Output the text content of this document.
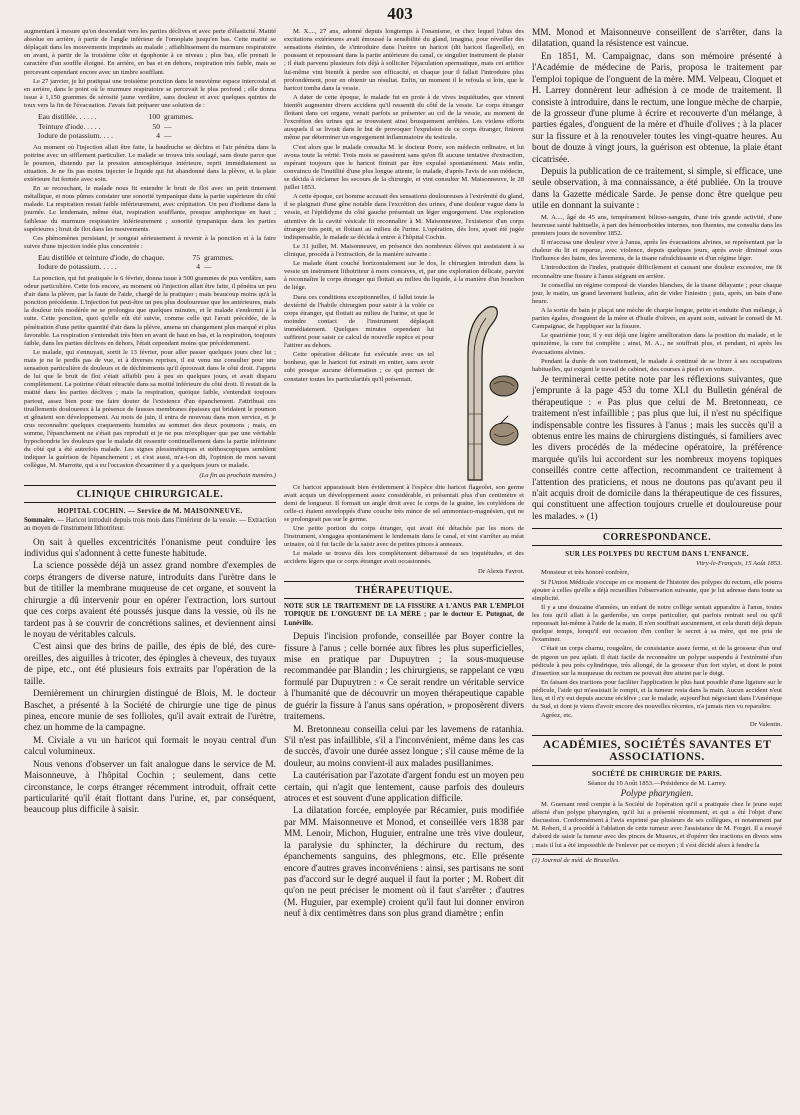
403

augmentant à mesure qu'on descendait vers les parties déclives et avec perte d'élasticité. Matité absolue en arrière, à partir de l'angle inférieur de l'omoplate jusqu'en bas. Cette matité se déplaçait dans les mouvements imprimés au malade ; affaiblissement du murmure respiratoire en avant, à partir de la troisième côte et égophonie à ce niveau ; plus bas, elle prenait le caractère d'un souffle éloigné. En arrière, en bas et en dehors, respiration très faible, mais se percevant cependant encore avec un timbre soufflant.

Le 27 janvier, je lui pratiquai une troisième ponction dans le neuvième espace intercostal et en arrière, dans le point où le murmure respiratoire se percevait le plus profond ; elle donna issue à 1,150 grammes de sérosité jaune verdâtre, sans douleur et avec quelques quintes de toux vers la fin de l'évacuation. J'avais fait préparer une solution de :

Eau distillée. . . . . .	100 grammes.
Teinture d'iode. . . . .	50 —
Iodure de potassium. . . .	4 —

Au moment où l'injection allait être faite, la baudruche se déchira et l'air pénétra dans la poitrine avec un sifflement particulier. Le malade se trouva très soulagé, sans doute parce que le poumon, distendu par la pression atmosphérique intérieure, reprit immédiatement sa situation. Je ne fis pas moins injecter le liquide qui fut abandonné dans la plèvre, et la plaie extérieure fut fermée avec soin.

En se recouchant, le malade nous fit entendre le bruit de flot avec un petit tintement métallique, et nous pûmes constater une sonorité tympanique dans la partie supérieure du côté malade. La respiration restait faible inférieurement, avec crépitation. Un peu d'iodisme dans la journée. Le lendemain, même état, respiration soufflante, presque amphorique en haut ; faiblesse du murmure respiratoire inférieurement ; sonorité tympanique dans les parties supérieures ; bruit de flot dans les mouvements.

Ces phénomènes persistant, je songeai sérieusement à revenir à la ponction et à la faire suivre d'une injection iodée plus concentrée :

Eau distillée et teinture d'iode, de chaque.	75 grammes.
Iodure de potassium. . . . .	4 —

La ponction, qui fut pratiquée le 6 février, donna issue à 500 grammes de pus verdâtre, sans odeur particulière. Cette fois encore, au moment où l'injection allait être faite, il pénétra un peu d'air dans la plèvre, par la faute de l'aide, chargé de la pratiquer ; mais beaucoup moins qu'à la ponction précédente. L'injection fut peut-être un peu plus douloureuse que les antérieures, mais la douleur très modérée ne se prolongea que quelques minutes, et le malade s'endormit à la suite. Cette ponction, quoi qu'elle eût été suivie, comme celle qui l'avait précédée, de la pénétration d'une petite quantité d'air dans la plèvre, amena un changement plus marqué et plus favorable. La respiration s'entendait très bien en avant de haut en bas, et la respiration, toujours faible, dans les parties déclives en dehors, l'était cependant moins que précédemment.

Le malade, qui s'ennuyait, sortit le 13 février, pour aller passer quelques jours chez lui ; mais je ne le perdis pas de vue, et à diverses reprises, il est venu me consulter pour une sensation particulière de douleurs et de déchirements qu'il éprouvait dans le côté droit. J'appris de lui que le bruit de flot s'était affaibli peu à peu en quelques jours, et avait disparu complètement. La poitrine s'était rétractée dans sa moitié inférieure du côté droit. Il restait de la matité dans les parties déclives ; mais la respiration, quoique faible, s'entendait toujours partout, assez bien pour me faire douter de l'existence d'un épanchement. J'attribuai ces tiraillements douloureux à la présence de fausses membranes épaisses qui bridaient le poumon et gênaient son développement. Au mois de juin, il entra de nouveau dans mon service, et je crus reconnaître quelques craquements humides au sommet des deux poumons ; mais, en somme, l'épanchement ne s'était pas reproduit et je ne pus m'expliquer que par une véritable hypochondrie les douleurs que le malade dit ressentir continuellement dans la partie inférieure du côté qui a été autrefois malade. Les signes plessimétriques et stéthoscopiques semblent indiquer la guérison de l'épanchement ; et c'est aussi, m'a-t-on dit, l'opinion de mon savant collègue, M. Marrotte, qui a eu l'occasion d'examiner il y a quelques jours ce malade.

(La fin au prochain numéro.)

CLINIQUE CHIRURGICALE.
HOPITAL COCHIN. — Service de M. MAISONNEUVE.
Sommaire. — Haricot introduit depuis trois mois dans l'intérieur de la vessie. — Extraction au moyen de l'instrument lithotriteur.

On sait à quelles excentricités l'onanisme peut conduire les individus qui s'adonnent à cette funeste habitude.

La science possède déjà un assez grand nombre d'exemples de corps étrangers de diverse nature, introduits dans l'urètre dans le but de titiller la membrane muqueuse de cet organe, et souvent la chirurgie a dû intervenir pour en opérer l'extraction, lors surtout que ces corps avaient été poussés jusque dans la vessie, où ils ne tardent pas à se couvrir de concrétions salines, et deviennent ainsi le noyau de véritables calculs.

C'est ainsi que des brins de paille, des épis de blé, des cure-oreilles, des aiguilles à tricoter, des épingles à cheveux, des tuyaux de pipe, etc., ont été plusieurs fois extraits par l'opération de la taille.

Dernièrement un chirurgien distingué de Blois, M. le docteur Baschet, a présenté à la Société de chirurgie une tige de pinus pinea, encore munie de ses follioles, qu'il avait extrait de l'urètre, chez un homme de la campagne.

M. Civiale a vu un haricot qui formait le noyau central d'un calcul volumineux.

Nous venons d'observer un fait analogue dans le service de M. Maisonneuve, à l'hôpital Cochin ; seulement, dans cette circonstance, le corps étranger récemment introduit, offrait cette particularité qu'il était flottant dans l'urine, et, par conséquent, beaucoup plus difficile à saisir.

M. X...., 27 ans, adonné depuis longtemps à l'onanisme, et chez lequel l'abus des excitations extérieures avait émoussé la sensibilité du gland, imagina, pour réveiller des sensations éteintes, de s'introduire dans l'urètre un haricot (dit haricot flageollet), en poussant et repoussant dans la partie antérieure du canal, ce singulier instrument de plaisir ; il était parvenu plusieurs fois déjà à solliciter l'éjaculation spermatique, mais cet artifice lui-même vint bientôt à perdre son efficacité, et chaque jour il fallait l'introduire plus profondément, pour en obtenir un résultat. Enfin, un moment il le refoula si loin, que le haricot tomba dans la vessie.

A dater de cette époque, le malade fut en proie à de vives inquiétudes, que vinrent bientôt augmenter divers accidens qu'il ressentit du côté de la vessie. Le corps étranger flottant dans cet organe, venait parfois se présenter au col de la vessie, au moment de l'excrétion des urines qui se trouvaient ainsi brusquement arrêtées. Les violens efforts auxquels il se livrait dans le but de provoquer l'expulsion de ce corps étranger, finirent même par déterminer un engorgement inflammatoire du testicule.

C'est alors que le malade consulta M. le docteur Porre, son médecin ordinaire, et lui avoua toute la vérité. Trois mois se passèrent sans qu'on fît aucune tentative d'extraction, espérant toujours que le haricot finirait par être expulsé spontanément. Mais enfin, convaincu de l'inutilité d'une plus longue attente, le malade, d'après l'avis de son médecin, se décida à réclamer les secours de la chirurgie, et vint consulter M. Maisonneuve, le 28 juillet 1853.

A cette époque, cet homme accusait des sensations douloureuses à l'extrémité du gland, il se plaignait d'une gêne notable dans l'excrétion des urines, d'une douleur vague dans la vessie, et l'épididyme du côté gauche présentait un léger engorgement. Une exploration attentive de la cavité vésicale fit reconnaître à M. Maisonneuve, l'existence d'un corps étranger très petit, et flottant au milieu de l'urine. L'opération, dès lors, ayant été jugée indispensable, le malade se décida à entrer à l'hôpital Cochin.

Le 31 juillet, M. Maisonneuve, en présence des nombreux élèves qui assistaient à sa clinique, procéda à l'extraction, de la manière suivante :

Le malade étant couché horizontalement sur le dos, le chirurgien introduit dans la vessie un instrument lithotriteur à mors concaves, et, par une exploration délicate, parvint à reconnaître le corps étranger qui flottait au milieu du liquide, à la manière d'un bouchon de liége.

Dans ces conditions exceptionnelles, il fallut toute la dextérité de l'habile chirurgien pour saisir à la volée ce corps étranger, qui flottait au milieu de l'urine, et que le moindre contact de l'instrument déplaçait immédiatement. Quelques minutes cependant lui suffirent pour saisir ce calcul de nouvelle espèce et pour l'attirer au dehors.

Cette opération délicate fut exécutée avec un tel bonheur, que le haricot fut extrait en entier, sans avoir subi presque aucune déformation ; ce qui permet de constater toutes les particularités qu'il présentait.

Ce haricot apparaissait bien évidemment à l'espèce dite haricot flageolet, son germe avait acquis un développement assez considérable, et présentait plus d'un centimètre et demi de longueur. Il formait un angle droit avec le corps de la graine, les cotylédons de celle-ci étaient enveloppés d'une couche très mince de sel ammoniaco-magnésien, qui ne se prolongeait pas sur le germe.

Une petite portion du corps étranger, qui avait été détachée par les mors de l'instrument, s'engagea spontanément le lendemain dans le canal, et vint s'arrêter au méat urinaire, où il fut facile de la saisir avec de petites pinces à anneaux.

Le malade se trouva dès lors complètement débarrassé de ses inquiétudes, et des accidens légers que ce corps étranger avait occasionnés.

Dr Alexis Favrot.

THÉRAPEUTIQUE.
NOTE SUR LE TRAITEMENT DE LA FISSURE A L'ANUS PAR L'EMPLOI TOPIQUE DE L'ONGUENT DE LA MÈRE ; par le docteur E. Putegnat, de Lunéville.

Depuis l'incision profonde, conseillée par Boyer contre la fissure à l'anus ; celle bornée aux fibres les plus superficielles, mise en pratique par Dupuytren ; la sous-muqueuse recommandée par Blandin ; les chirurgiens, se rappelant ce vœu formulé par Dupuytren : « Ce serait rendre un véritable service à l'humanité que de découvrir un moyen thérapeutique capable de guérir la fissure à l'anus sans opération, » proposèrent divers traitemens.

M. Bretonneau conseilla celui par les lavemens de ratanhia. S'il n'est pas infaillible, s'il a l'inconvénient, même dans les cas de succès, d'avoir une durée assez longue ; s'il cause même de la douleur, au moins convient-il aux malades pusillanimes.

La cautérisation par l'azotate d'argent fondu est un moyen peu certain, qui n'agit que lentement, cause parfois des douleurs atroces et est souvent d'une application difficile.

La dilatation forcée, employée par Récamier, puis modifiée par MM. Maisonneuve et Monod, et conseillée vers 1838 par MM. Lenoir, Michon, Huguier, entraîne une très vive douleur, la paralysie du sphincter, la déchirure du rectum, des épanchements sanguins, des phlegmons, etc. Elle présente encore d'autres graves inconvéniens : ainsi, ses partisans ne sont pas d'accord sur le degré auquel il faut la porter ; M. Robert dit qu'on ne peut préciser le moment où il faut s'arrêter ; d'autres (M. Huguier, par exemple) croient qu'il faut lui donner environ neuf à dix centimètres dans son plus grand diamètre ; enfin

MM. Monod et Maisonneuve conseillent de s'arrêter, dans la dilatation, quand la résistence est vaincue.

En 1851, M. Campaignac, dans son mémoire présenté à l'Académie de médecine de Paris, proposa le traitement par l'emploi topique de l'onguent de la mère. MM. Velpeau, Cloquet et H. Larrey donnèrent leur adhésion à ce mode de traitement. Il consiste à introduire, dans le rectum, une longue mèche de charpie, de la grosseur d'une plume à écrire et recouverte d'un mélange, à parties égales, d'onguent de la mère et d'huile d'olives ; à la placer sur la fissure et à la renouveler toutes les vingt-quatre heures. Au bout de douze à vingt jours, la guérison est obtenue, la plaie étant cicatrisée.

Depuis la publication de ce traitement, si simple, si efficace, une seule observation, à ma connaissance, a été publiée. On la trouve dans la Gazette médicale Sarde. Je pense donc être quelque peu utile en donnant la suivante :

M. A...., âgé de 45 ans, tempérament bilioso-sanguin, d'une très grande activité, d'une heureuse santé habituelle, à part des hémorrhoïdes internes, non fluentes, me consulta dans les premiers jours de novembre 1852.

Il m'accusa une douleur vive à l'anus, après les évacuations alvines, se représentant par la chaleur du lit et reparue, avec violence, depuis quelques jours, après avoir diminué sous l'influence des bains, des lavemens, de la tisane rafraîchissante et d'un régime léger.

L'introduction de l'index, pratiquée difficilement et causant une douleur excessive, me fit reconnaître une fissure à l'anus siégeant en arrière.

Je conseillai un régime composé de viandes blanches, de la tisane délayante ; pour chaque jour, le matin, un grand lavement huileux, afin de vider l'intestin ; puis, après, un bain d'une heure.

A la sortie du bain je plaçai une mèche de charpie longue, petite et enduite d'un mélange, à parties égales, d'onguent de la mère et d'huile d'olives, en ayant soin, suivant le conseil de M. Campaignac, de l'appliquer sur la fissure.

Le quatrième jour, il y eut déjà une légère amélioration dans la position du malade, et le quinzième, la cure fut complète ; ainsi, M. A.., ne souffrait plus, et pendant, ni après les évacuations alvines.

Pendant la durée de son traitement, le malade à continué de se livrer à ses occupations habituelles, qui exigent le travail de cabinet, des courses à pied et en voiture.

Je terminerai cette petite note par les réflexions suivantes, que j'emprunte à la page 453 du tome XLI du Bulletin général de thérapeutique : « Pas plus que celui de M. Bretonneau, ce traitement n'est infaillible ; pas plus que lui, il n'est nu spécifique indispensable contre les fissures à l'anus ; mais les succès qu'il a obtenus entre les mains de chirurgiens distingués, si familiers avec les divers procédés de la médecine opératoire, la préférence marquée qu'ils lui accordent sur les nombreux moyens topiques conseillés contre cette affection, recommandent ce traitement à l'attention des praticiens, et nous ne doutons pas qu'avant peu il n'ait acquis droit de domicile dans la thérapeutique de ces fissures, qui constituent une affection toujours cruelle et douloureuse pour les malades. » (1)

CORRESPONDANCE.
SUR LES POLYPES DU RECTUM DANS L'ENFANCE.

Vitry-le-François, 15 Août 1853.

Monsieur et très honoré confrère,

Si l'Union Médicale s'occupe en ce moment de l'histoire des polypes du rectum, elle pourra ajouter à celles qu'elle a déjà recueillies l'observation suivante, que je lui adresse dans toute sa simplicité.

Il y a une douzaine d'années, un enfant de notre collège sentait apparaître à l'anus, toutes les fois qu'il allait à la garderobe, un corps particulier, qui parfois rentrait seul ou qu'il repoussait lui-même à l'aide de la main. Il n'en souffrait aucunement, et cela durait déjà depuis quelque temps, lorsqu'il eut occasion d'en confier le secret à sa mère, qui me pria de l'examiner.

C'était un corps charnu, rougeâtre, de consistance assez ferme, et de la grosseur d'un œuf de pigeon un peu aplati. Il était facile de reconnaître un polype suspendu à l'extrémité d'un pédicule à peu près cylindrique, très allongé, de la grosseur d'un fort stylet, et dont le point d'insertion sur la muqueuse du rectum ne pouvait être atteint par le doigt.

En faisant des tractions pour faciliter l'application le plus haut possible d'une ligature sur le pédicule, l'aide qui m'assistait le rompit, et la tumeur resta dans la main. Aucun accident n'eut lieu, et il n'y eut depuis aucune récidive ; car le malade, aujourd'hui négociant dans l'Amérique du Sud, et dont je viens d'avoir encore des nouvelles récentes, n'a jamais rien vu reparaître.

Agréez, etc.

Dr Valentin.

ACADÉMIES, SOCIÉTÉS SAVANTES ET ASSOCIATIONS.
SOCIÉTÉ DE CHIRURGIE DE PARIS.

Séance du 10 Août 1853.—Présidence de M. Larrey.

Polype pharyngien.

M. Guersant rend compte à la Société de l'opération qu'il a pratiquée chez le jeune sujet affecté d'un polype pharyngien, qu'il lui a présenté récemment, et qui a été l'objet d'une discussion. Conformément à l'avis exprimé par plusieurs de ses collègues, et notamment par M. Robert, il a procédé à l'ablation de cette tumeur avec l'assistance de M. Forget. Il a essayé d'abord de saisir la tumeur avec des pinces de Museux, et d'opérer des tractions en divers sens ; mais il lui a été impossible de l'enlever par ce moyen ; il s'est décidé alors à fendre la

(1) Journal de méd. de Bruxelles.
